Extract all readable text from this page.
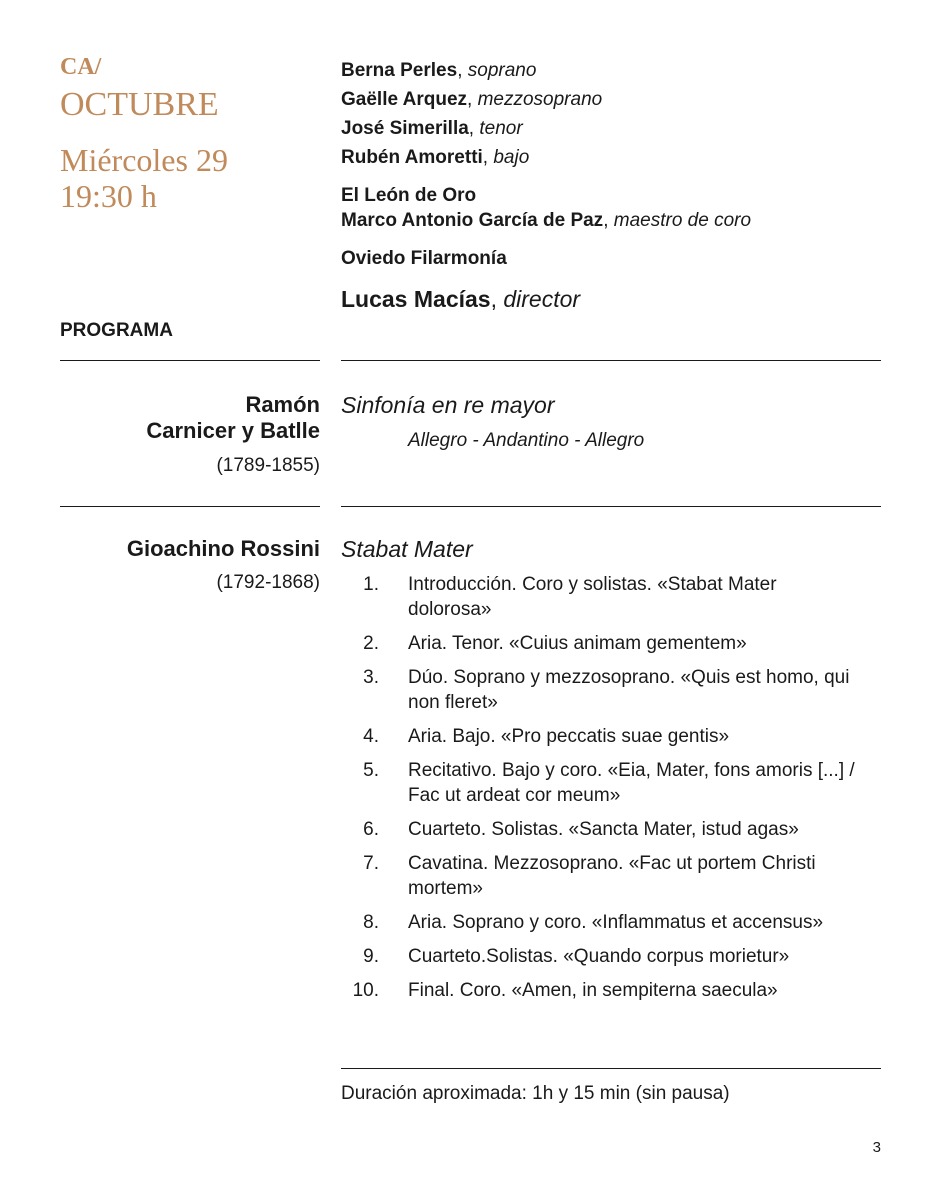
CA/
OCTUBRE
Miércoles 29
19:30 h
Berna Perles, soprano
Gaëlle Arquez, mezzosoprano
José Simerilla, tenor
Rubén Amoretti, bajo
El León de Oro
Marco Antonio García de Paz, maestro de coro
Oviedo Filarmonía
Lucas Macías, director
PROGRAMA
Ramón
Carnicer y Batlle
(1789-1855)
Sinfonía en re mayor
Allegro - Andantino - Allegro
Gioachino Rossini
(1792-1868)
Stabat Mater
1. Introducción. Coro y solistas. «Stabat Mater dolorosa»
2. Aria. Tenor. «Cuius animam gementem»
3. Dúo. Soprano y mezzosoprano. «Quis est homo, qui non fleret»
4. Aria. Bajo. «Pro peccatis suae gentis»
5. Recitativo. Bajo y coro. «Eia, Mater, fons amoris [...] / Fac ut ardeat cor meum»
6. Cuarteto. Solistas. «Sancta Mater, istud agas»
7. Cavatina. Mezzosoprano. «Fac ut portem Christi mortem»
8. Aria. Soprano y coro. «Inflammatus et accensus»
9. Cuarteto.Solistas. «Quando corpus morietur»
10. Final. Coro. «Amen, in sempiterna saecula»
Duración aproximada: 1h y 15 min (sin pausa)
3
